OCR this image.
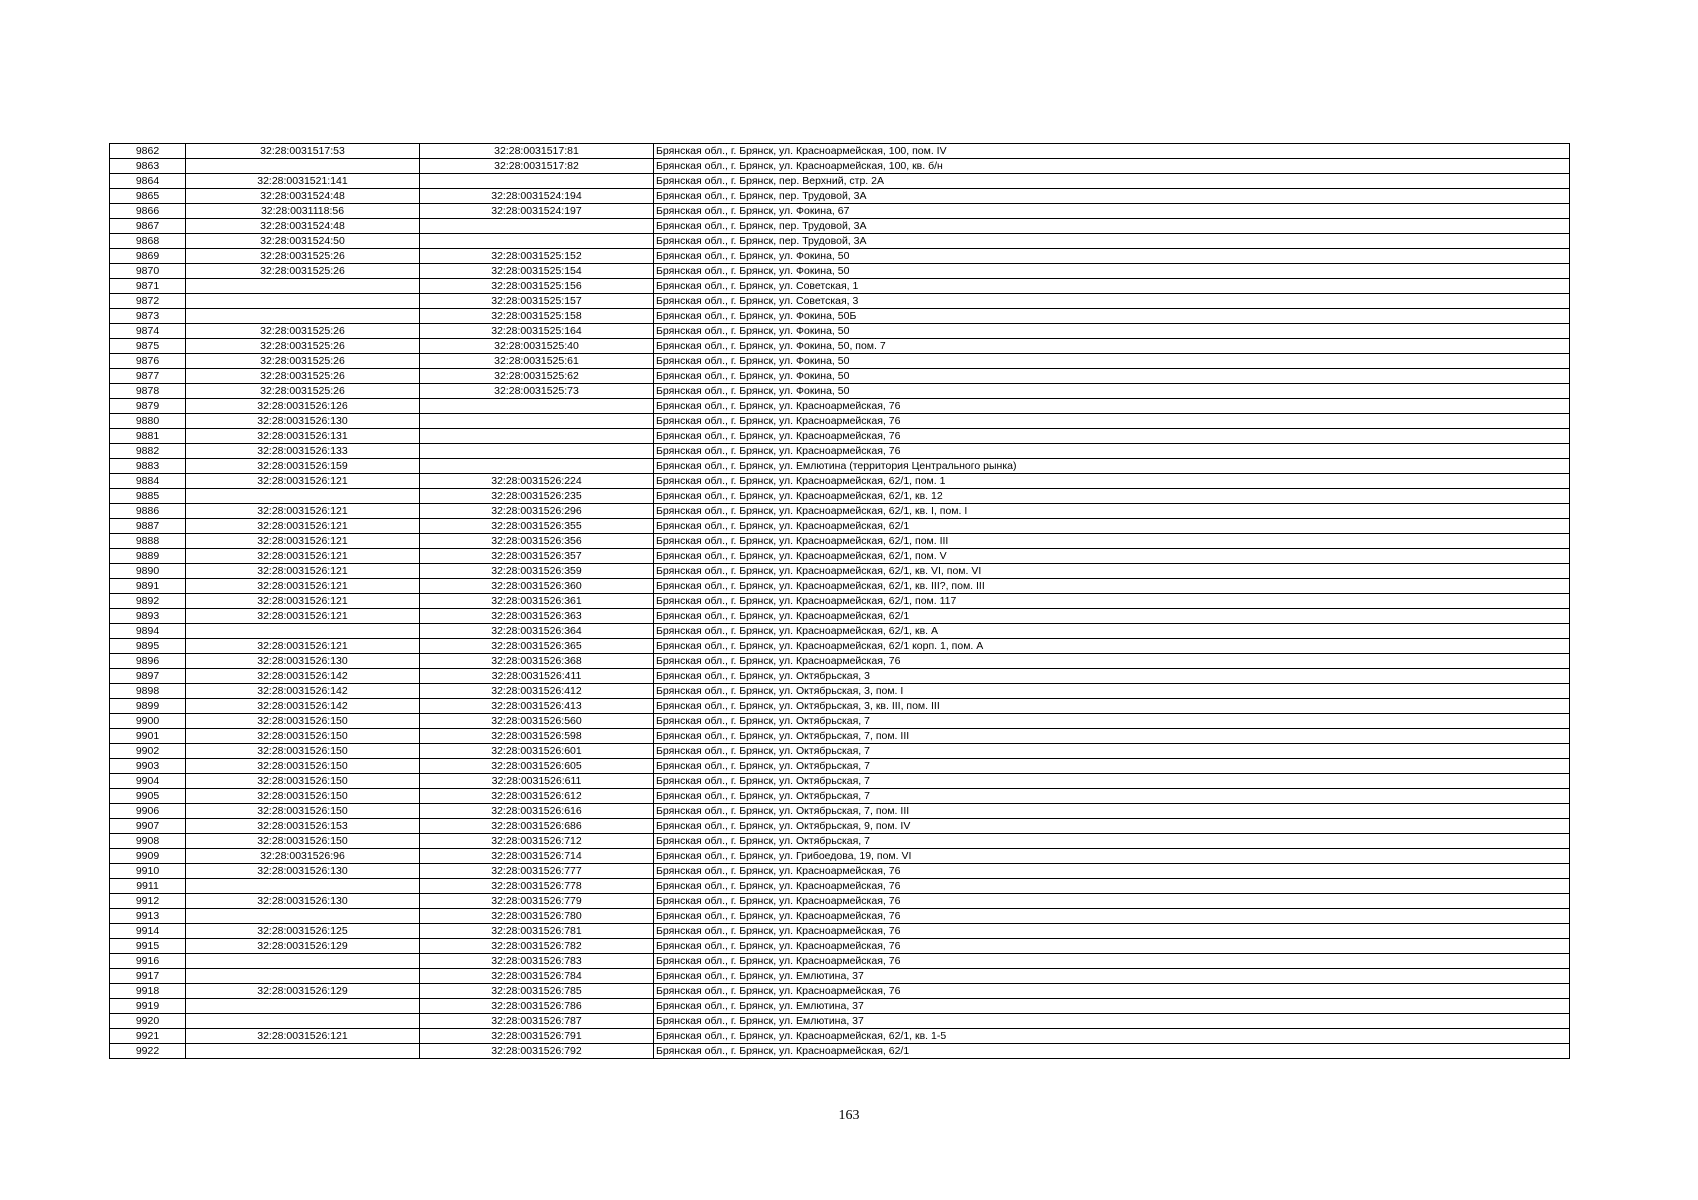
9862	32:28:0031517:53	32:28:0031517:81	Брянская обл., г. Брянск, ул. Красноармейская, 100, пом. IV
9863		32:28:0031517:82	Брянская обл., г. Брянск, ул. Красноармейская, 100, кв. б/н
9864	32:28:0031521:141		Брянская обл., г. Брянск, пер. Верхний, стр. 2А
9865	32:28:0031524:48	32:28:0031524:194	Брянская обл., г. Брянск, пер. Трудовой, 3А
9866	32:28:0031118:56	32:28:0031524:197	Брянская обл., г. Брянск, ул. Фокина, 67
9867	32:28:0031524:48		Брянская обл., г. Брянск, пер. Трудовой, 3А
9868	32:28:0031524:50		Брянская обл., г. Брянск, пер. Трудовой, 3А
9869	32:28:0031525:26	32:28:0031525:152	Брянская обл., г. Брянск, ул. Фокина, 50
9870	32:28:0031525:26	32:28:0031525:154	Брянская обл., г. Брянск, ул. Фокина, 50
9871		32:28:0031525:156	Брянская обл., г. Брянск, ул. Советская, 1
9872		32:28:0031525:157	Брянская обл., г. Брянск, ул. Советская, 3
9873		32:28:0031525:158	Брянская обл., г. Брянск, ул. Фокина, 50Б
9874	32:28:0031525:26	32:28:0031525:164	Брянская обл., г. Брянск, ул. Фокина, 50
9875	32:28:0031525:26	32:28:0031525:40	Брянская обл., г. Брянск, ул. Фокина, 50, пом. 7
9876	32:28:0031525:26	32:28:0031525:61	Брянская обл., г. Брянск, ул. Фокина, 50
9877	32:28:0031525:26	32:28:0031525:62	Брянская обл., г. Брянск, ул. Фокина, 50
9878	32:28:0031525:26	32:28:0031525:73	Брянская обл., г. Брянск, ул. Фокина, 50
9879	32:28:0031526:126		Брянская обл., г. Брянск, ул. Красноармейская, 76
9880	32:28:0031526:130		Брянская обл., г. Брянск, ул. Красноармейская, 76
9881	32:28:0031526:131		Брянская обл., г. Брянск, ул. Красноармейская, 76
9882	32:28:0031526:133		Брянская обл., г. Брянск, ул. Красноармейская, 76
9883	32:28:0031526:159		Брянская обл., г. Брянск, ул. Емлютина (территория Центрального рынка)
9884	32:28:0031526:121	32:28:0031526:224	Брянская обл., г. Брянск, ул. Красноармейская, 62/1, пом. 1
9885		32:28:0031526:235	Брянская обл., г. Брянск, ул. Красноармейская, 62/1, кв. 12
9886	32:28:0031526:121	32:28:0031526:296	Брянская обл., г. Брянск, ул. Красноармейская, 62/1, кв. I, пом. I
9887	32:28:0031526:121	32:28:0031526:355	Брянская обл., г. Брянск, ул. Красноармейская, 62/1
9888	32:28:0031526:121	32:28:0031526:356	Брянская обл., г. Брянск, ул. Красноармейская, 62/1, пом. III
9889	32:28:0031526:121	32:28:0031526:357	Брянская обл., г. Брянск, ул. Красноармейская, 62/1, пом. V
9890	32:28:0031526:121	32:28:0031526:359	Брянская обл., г. Брянск, ул. Красноармейская, 62/1, кв. VI, пом. VI
9891	32:28:0031526:121	32:28:0031526:360	Брянская обл., г. Брянск, ул. Красноармейская, 62/1, кв. III?, пом. III
9892	32:28:0031526:121	32:28:0031526:361	Брянская обл., г. Брянск, ул. Красноармейская, 62/1, пом. 117
9893	32:28:0031526:121	32:28:0031526:363	Брянская обл., г. Брянск, ул. Красноармейская, 62/1
9894		32:28:0031526:364	Брянская обл., г. Брянск, ул. Красноармейская, 62/1, кв. А
9895	32:28:0031526:121	32:28:0031526:365	Брянская обл., г. Брянск, ул. Красноармейская, 62/1 корп. 1, пом. А
9896	32:28:0031526:130	32:28:0031526:368	Брянская обл., г. Брянск, ул. Красноармейская, 76
9897	32:28:0031526:142	32:28:0031526:411	Брянская обл., г. Брянск, ул. Октябрьская, 3
9898	32:28:0031526:142	32:28:0031526:412	Брянская обл., г. Брянск, ул. Октябрьская, 3, пом. I
9899	32:28:0031526:142	32:28:0031526:413	Брянская обл., г. Брянск, ул. Октябрьская, 3, кв. III, пом. III
9900	32:28:0031526:150	32:28:0031526:560	Брянская обл., г. Брянск, ул. Октябрьская, 7
9901	32:28:0031526:150	32:28:0031526:598	Брянская обл., г. Брянск, ул. Октябрьская, 7, пом. III
9902	32:28:0031526:150	32:28:0031526:601	Брянская обл., г. Брянск, ул. Октябрьская, 7
9903	32:28:0031526:150	32:28:0031526:605	Брянская обл., г. Брянск, ул. Октябрьская, 7
9904	32:28:0031526:150	32:28:0031526:611	Брянская обл., г. Брянск, ул. Октябрьская, 7
9905	32:28:0031526:150	32:28:0031526:612	Брянская обл., г. Брянск, ул. Октябрьская, 7
9906	32:28:0031526:150	32:28:0031526:616	Брянская обл., г. Брянск, ул. Октябрьская, 7, пом. III
9907	32:28:0031526:153	32:28:0031526:686	Брянская обл., г. Брянск, ул. Октябрьская, 9, пом. IV
9908	32:28:0031526:150	32:28:0031526:712	Брянская обл., г. Брянск, ул. Октябрьская, 7
9909	32:28:0031526:96	32:28:0031526:714	Брянская обл., г. Брянск, ул. Грибоедова, 19, пом. VI
9910	32:28:0031526:130	32:28:0031526:777	Брянская обл., г. Брянск, ул. Красноармейская, 76
9911		32:28:0031526:778	Брянская обл., г. Брянск, ул. Красноармейская, 76
9912	32:28:0031526:130	32:28:0031526:779	Брянская обл., г. Брянск, ул. Красноармейская, 76
9913		32:28:0031526:780	Брянская обл., г. Брянск, ул. Красноармейская, 76
9914	32:28:0031526:125	32:28:0031526:781	Брянская обл., г. Брянск, ул. Красноармейская, 76
9915	32:28:0031526:129	32:28:0031526:782	Брянская обл., г. Брянск, ул. Красноармейская, 76
9916		32:28:0031526:783	Брянская обл., г. Брянск, ул. Красноармейская, 76
9917		32:28:0031526:784	Брянская обл., г. Брянск, ул. Емлютина, 37
9918	32:28:0031526:129	32:28:0031526:785	Брянская обл., г. Брянск, ул. Красноармейская, 76
9919		32:28:0031526:786	Брянская обл., г. Брянск, ул. Емлютина, 37
9920		32:28:0031526:787	Брянская обл., г. Брянск, ул. Емлютина, 37
9921	32:28:0031526:121	32:28:0031526:791	Брянская обл., г. Брянск, ул. Красноармейская, 62/1, кв. 1-5
9922		32:28:0031526:792	Брянская обл., г. Брянск, ул. Красноармейская, 62/1
163
